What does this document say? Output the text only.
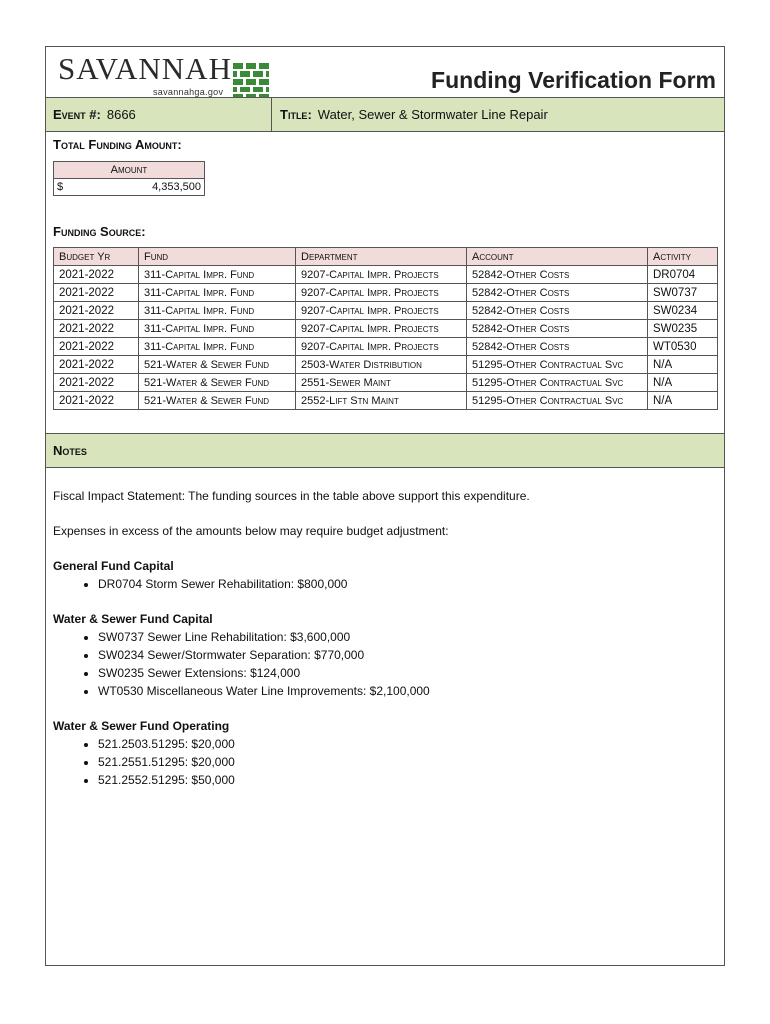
SAVANNAH
savannahga.gov	Funding Verification Form
Event #: 8666	Title: Water, Sewer & Stormwater Line Repair
Total Funding Amount:
Amount
$	4,353,500
Funding Source:
Budget Yr	Fund	Department	Account	Activity
2021-2022	311-Capital Impr. Fund	9207-Capital Impr. Projects	52842-Other Costs	DR0704
2021-2022	311-Capital Impr. Fund	9207-Capital Impr. Projects	52842-Other Costs	SW0737
2021-2022	311-Capital Impr. Fund	9207-Capital Impr. Projects	52842-Other Costs	SW0234
2021-2022	311-Capital Impr. Fund	9207-Capital Impr. Projects	52842-Other Costs	SW0235
2021-2022	311-Capital Impr. Fund	9207-Capital Impr. Projects	52842-Other Costs	WT0530
2021-2022	521-Water & Sewer Fund	2503-Water Distribution	51295-Other Contractual Svc	N/A
2021-2022	521-Water & Sewer Fund	2551-Sewer Maint	51295-Other Contractual Svc	N/A
2021-2022	521-Water & Sewer Fund	2552-Lift Stn Maint	51295-Other Contractual Svc	N/A
Notes

Fiscal Impact Statement: The funding sources in the table above support this expenditure.

Expenses in excess of the amounts below may require budget adjustment:

General Fund Capital
• DR0704 Storm Sewer Rehabilitation: $800,000
Water & Sewer Fund Capital
• SW0737 Sewer Line Rehabilitation: $3,600,000
• SW0234 Sewer/Stormwater Separation: $770,000
• SW0235 Sewer Extensions: $124,000
• WT0530 Miscellaneous Water Line Improvements: $2,100,000
Water & Sewer Fund Operating
• 521.2503.51295: $20,000
• 521.2551.51295: $20,000
• 521.2552.51295: $50,000
